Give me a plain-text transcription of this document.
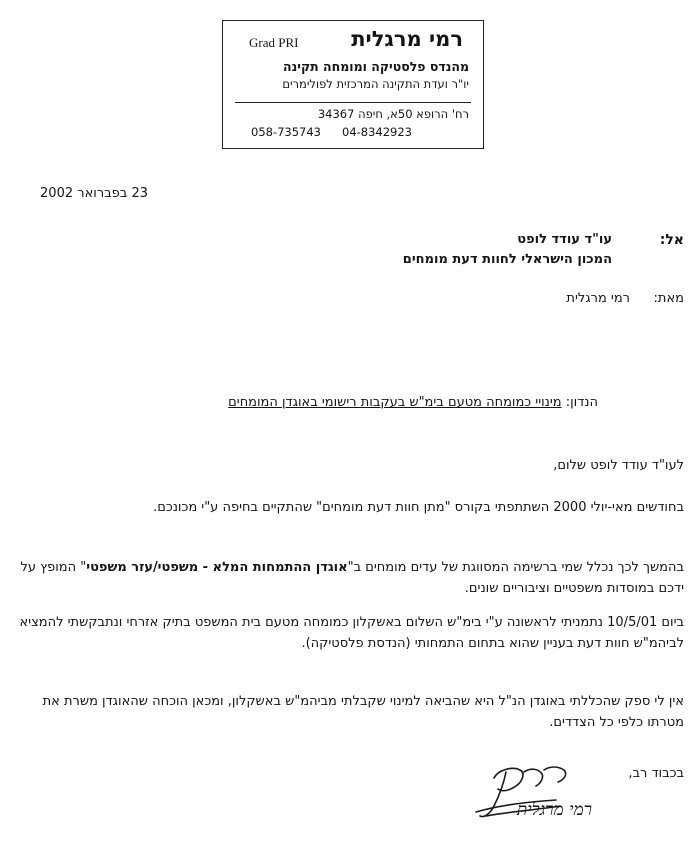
רמי מרגלית
Grad PRI
מהנדס פלסטיקה ומומחה תקינה
יו"ר ועדת התקינה המרכזית לפולימרים
רח' הרופא 50א, חיפה 34367
058-735743 04-8342923
23 בפברואר 2002
אל:
עו"ד עודד לופט
המכון הישראלי לחוות דעת מומחים
מאת:
רמי מרגלית
הנדון: מינויי כמומחה מטעם בימ"ש בעקבות רישומי באוגדן המומחים
לעו"ד עודד לופט שלום,
בחודשים מאי-יולי 2000 השתתפתי בקורס "מתן חוות דעת מומחים" שהתקיים בחיפה ע"י מכונכם.
בהמשך לכך נכלל שמי ברשימה המסווגת של עדים מומחים ב"אוגדן ההתמחות המלא - משפטי/עזר משפטי" המופץ על ידכם במוסדות משפטיים וציבוריים שונים.
ביום 10/5/01 נתמניתי לראשונה ע"י בימ"ש השלום באשקלון כמומחה מטעם בית המשפט בתיק אזרחי ונתבקשתי להמציא לביהמ"ש חוות דעת בעניין שהוא בתחום התמחותי (הנדסת פלסטיקה).
אין לי ספק שהכללתי באוגדן הנ"ל היא שהביאה למינוי שקבלתי מביהמ"ש באשקלון, ומכאן הוכחה שהאוגדן משרת את מטרתו כלפי כל הצדדים.
בכבוד רב,
רמי מרגלית
